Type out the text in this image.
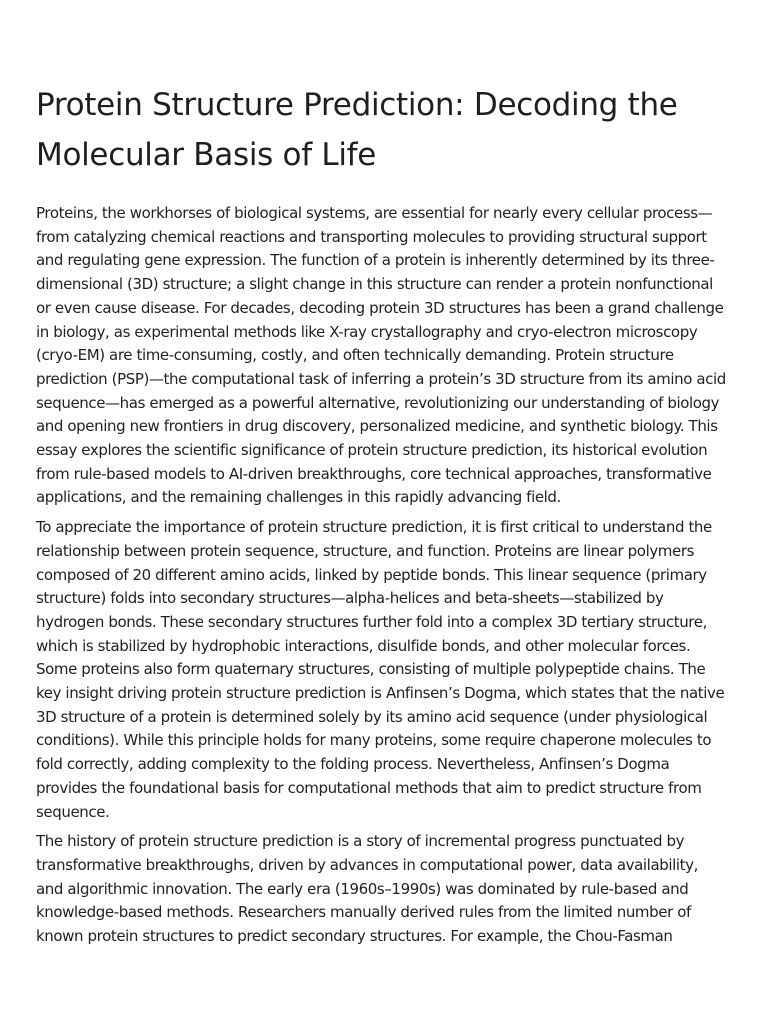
Protein Structure Prediction: Decoding the Molecular Basis of Life

Proteins, the workhorses of biological systems, are essential for nearly every cellular process—from catalyzing chemical reactions and transporting molecules to providing structural support and regulating gene expression. The function of a protein is inherently determined by its three-dimensional (3D) structure; a slight change in this structure can render a protein nonfunctional or even cause disease. For decades, decoding protein 3D structures has been a grand challenge in biology, as experimental methods like X-ray crystallography and cryo-electron microscopy (cryo-EM) are time-consuming, costly, and often technically demanding. Protein structure prediction (PSP)—the computational task of inferring a protein’s 3D structure from its amino acid sequence—has emerged as a powerful alternative, revolutionizing our understanding of biology and opening new frontiers in drug discovery, personalized medicine, and synthetic biology. This essay explores the scientific significance of protein structure prediction, its historical evolution from rule-based models to AI-driven breakthroughs, core technical approaches, transformative applications, and the remaining challenges in this rapidly advancing field.

To appreciate the importance of protein structure prediction, it is first critical to understand the relationship between protein sequence, structure, and function. Proteins are linear polymers composed of 20 different amino acids, linked by peptide bonds. This linear sequence (primary structure) folds into secondary structures—alpha-helices and beta-sheets—stabilized by hydrogen bonds. These secondary structures further fold into a complex 3D tertiary structure, which is stabilized by hydrophobic interactions, disulfide bonds, and other molecular forces. Some proteins also form quaternary structures, consisting of multiple polypeptide chains. The key insight driving protein structure prediction is Anfinsen’s Dogma, which states that the native 3D structure of a protein is determined solely by its amino acid sequence (under physiological conditions). While this principle holds for many proteins, some require chaperone molecules to fold correctly, adding complexity to the folding process. Nevertheless, Anfinsen’s Dogma provides the foundational basis for computational methods that aim to predict structure from sequence.

The history of protein structure prediction is a story of incremental progress punctuated by transformative breakthroughs, driven by advances in computational power, data availability, and algorithmic innovation. The early era (1960s–1990s) was dominated by rule-based and knowledge-based methods. Researchers manually derived rules from the limited number of known protein structures to predict secondary structures. For example, the Chou-Fasman
